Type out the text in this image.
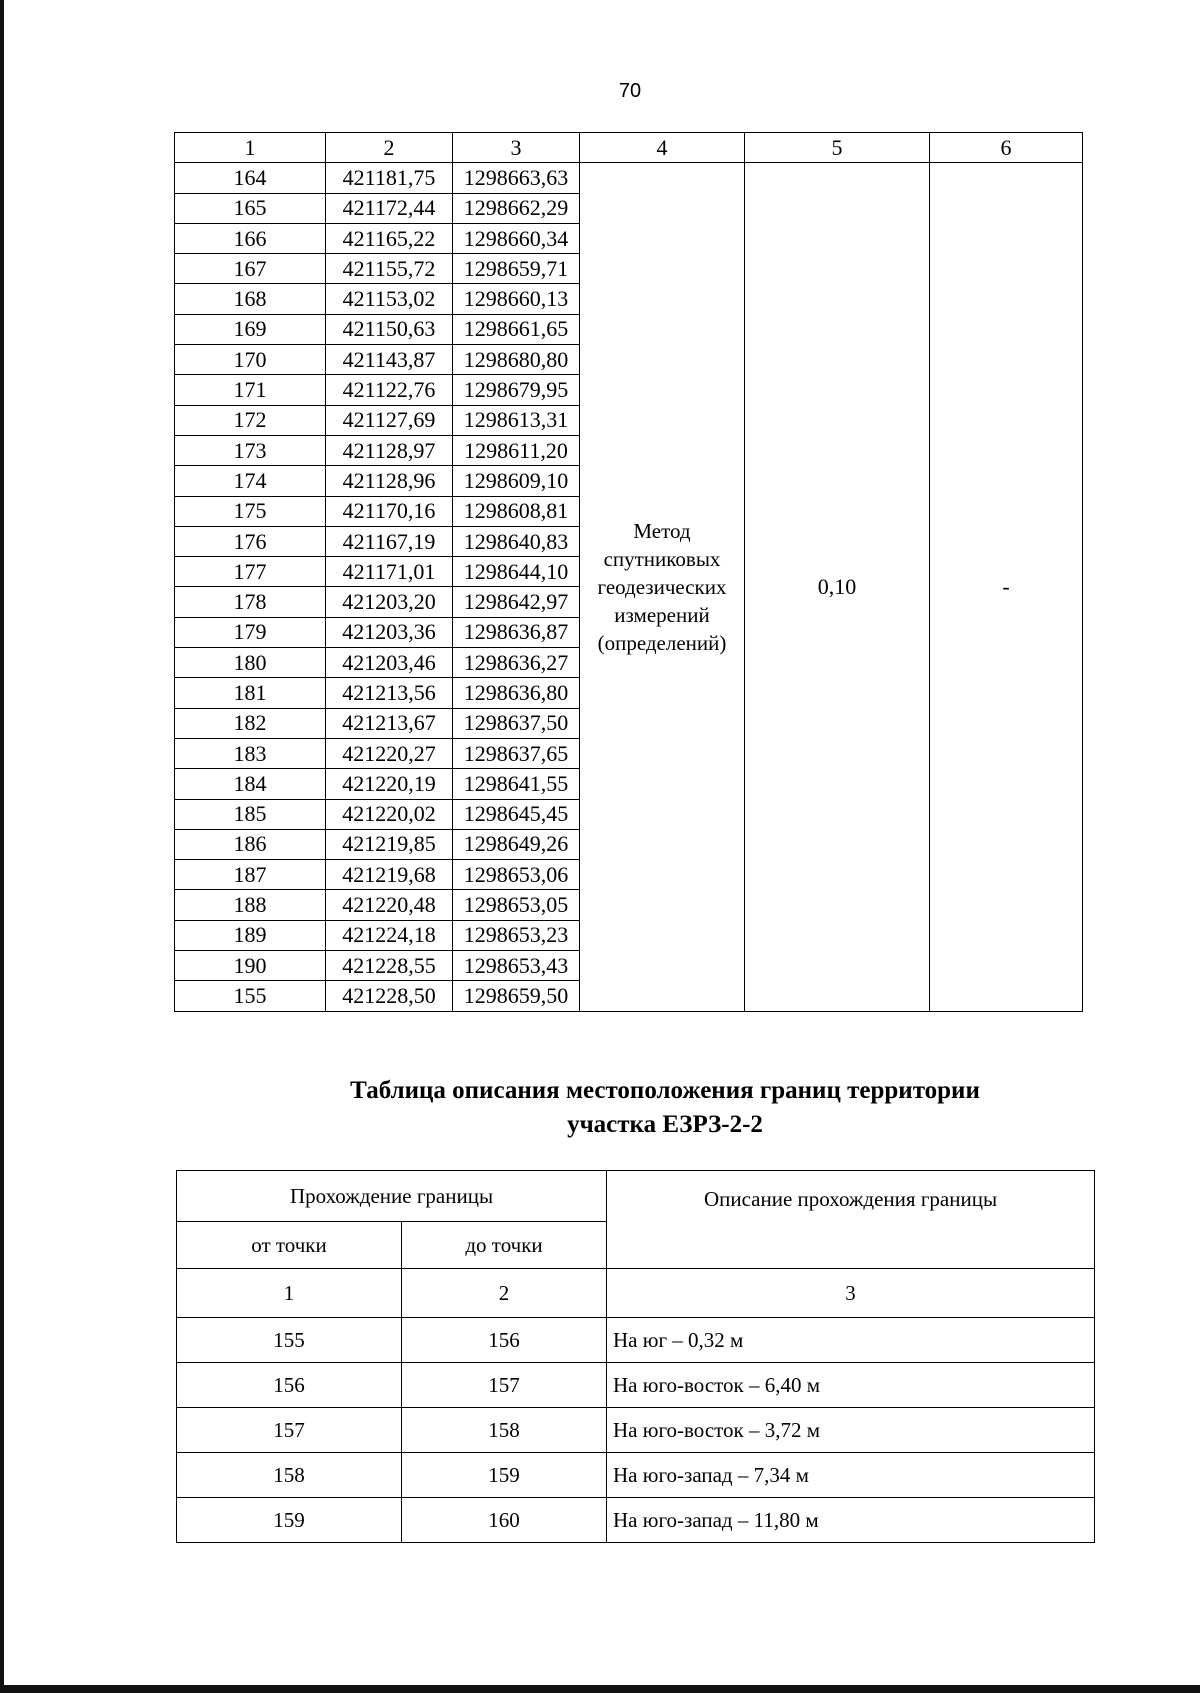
70
1	2	3	4	5	6
164	421181,75	1298663,63	Метод
спутниковых
геодезических
измерений
(определений)	0,10	-
165	421172,44	1298662,29			
166	421165,22	1298660,34			
167	421155,72	1298659,71			
168	421153,02	1298660,13			
169	421150,63	1298661,65			
170	421143,87	1298680,80			
171	421122,76	1298679,95			
172	421127,69	1298613,31			
173	421128,97	1298611,20			
174	421128,96	1298609,10			
175	421170,16	1298608,81			
176	421167,19	1298640,83			
177	421171,01	1298644,10			
178	421203,20	1298642,97			
179	421203,36	1298636,87			
180	421203,46	1298636,27			
181	421213,56	1298636,80			
182	421213,67	1298637,50			
183	421220,27	1298637,65			
184	421220,19	1298641,55			
185	421220,02	1298645,45			
186	421219,85	1298649,26			
187	421219,68	1298653,06			
188	421220,48	1298653,05			
189	421224,18	1298653,23			
190	421228,55	1298653,43			
155	421228,50	1298659,50			
Таблица описания местоположения границ территории
участка ЕЗРЗ-2-2
Прохождение границы		Описание прохождения границы
от точки	до точки	
1	2	3
155	156	На юг – 0,32 м
156	157	На юго-восток – 6,40 м
157	158	На юго-восток – 3,72 м
158	159	На юго-запад – 7,34 м
159	160	На юго-запад – 11,80 м
